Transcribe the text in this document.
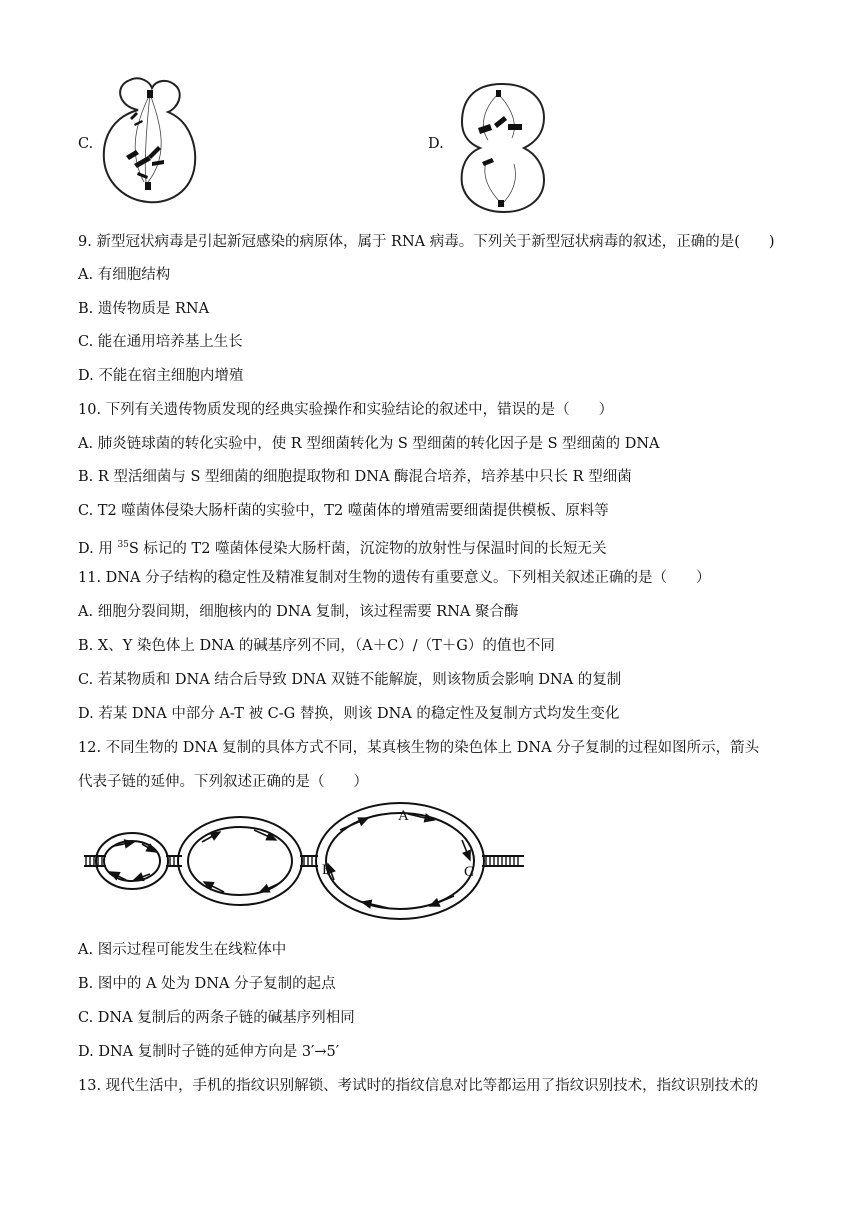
C.	D.
9. 新型冠状病毒是引起新冠感染的病原体，属于 RNA 病毒。下列关于新型冠状病毒的叙述，正确的是(　　)
A. 有细胞结构
B. 遗传物质是 RNA
C. 能在通用培养基上生长
D. 不能在宿主细胞内增殖
10. 下列有关遗传物质发现的经典实验操作和实验结论的叙述中，错误的是（　　）
A. 肺炎链球菌的转化实验中，使 R 型细菌转化为 S 型细菌的转化因子是 S 型细菌的 DNA
B. R 型活细菌与 S 型细菌的细胞提取物和 DNA 酶混合培养，培养基中只长 R 型细菌
C. T2 噬菌体侵染大肠杆菌的实验中，T2 噬菌体的增殖需要细菌提供模板、原料等
D. 用 $^{35}$S 标记的 T2 噬菌体侵染大肠杆菌，沉淀物的放射性与保温时间的长短无关
11. DNA 分子结构的稳定性及精准复制对生物的遗传有重要意义。下列相关叙述正确的是（　　）
A. 细胞分裂间期，细胞核内的 DNA 复制，该过程需要 RNA 聚合酶
B. X、Y 染色体上 DNA 的碱基序列不同，（A＋C）/（T＋G）的值也不同
C. 若某物质和 DNA 结合后导致 DNA 双链不能解旋，则该物质会影响 DNA 的复制
D. 若某 DNA 中部分 A-T 被 C-G 替换，则该 DNA 的稳定性及复制方式均发生变化
12. 不同生物的 DNA 复制的具体方式不同，某真核生物的染色体上 DNA 分子复制的过程如图所示，箭头
代表子链的延伸。下列叙述正确的是（　　）
A
B	C
A. 图示过程可能发生在线粒体中
B. 图中的 A 处为 DNA 分子复制的起点
C. DNA 复制后的两条子链的碱基序列相同
D. DNA 复制时子链的延伸方向是 3′→5′
13. 现代生活中，手机的指纹识别解锁、考试时的指纹信息对比等都运用了指纹识别技术，指纹识别技术的
